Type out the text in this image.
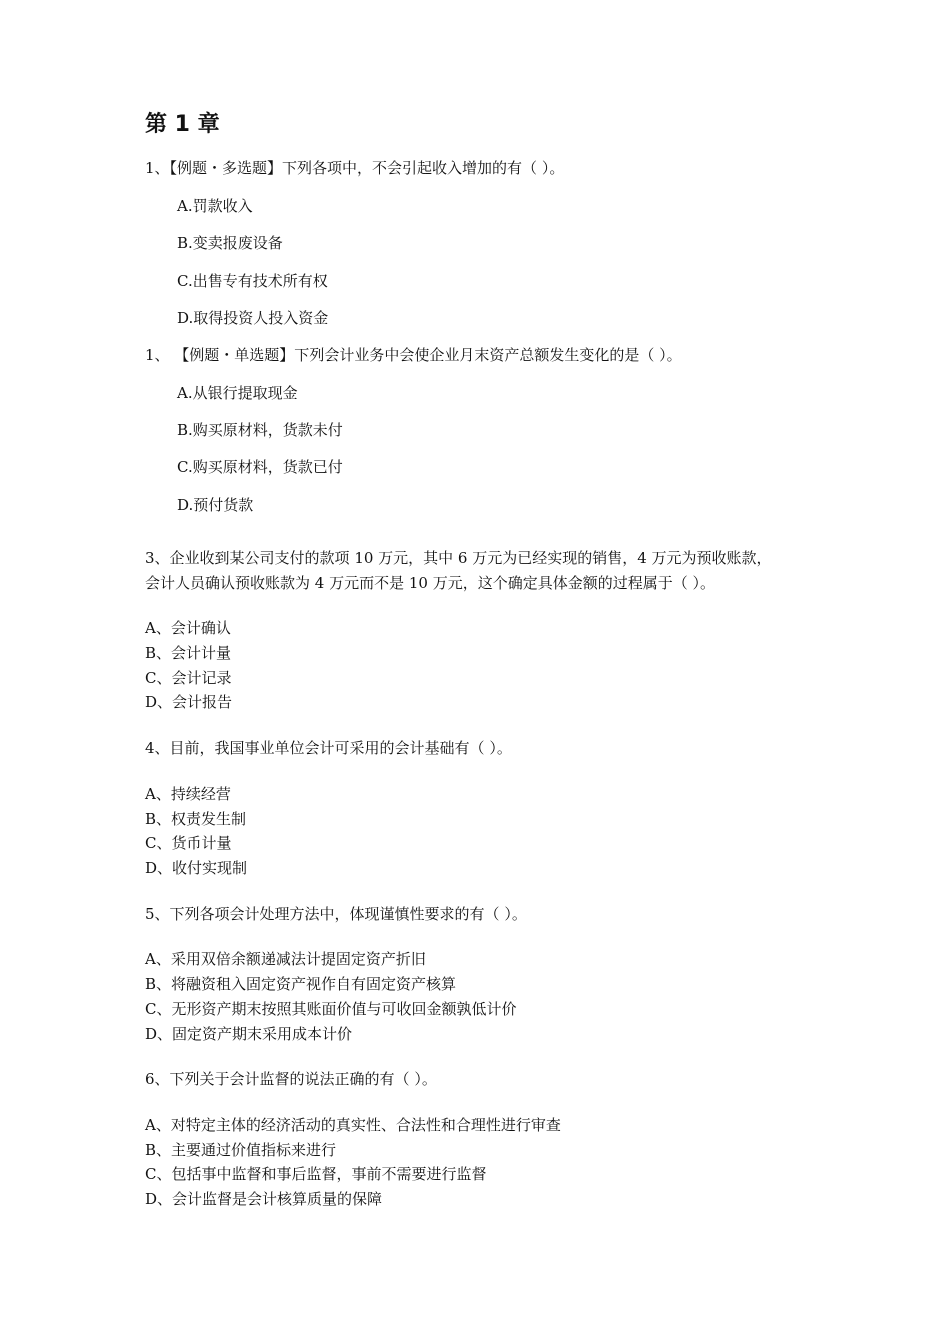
第 1 章
1、【例题・多选题】下列各项中，不会引起收入增加的有（ ）。
A.罚款收入
B.变卖报废设备
C.出售专有技术所有权
D.取得投资人投入资金
1、 【例题・单选题】下列会计业务中会使企业月末资产总额发生变化的是（ ）。
A.从银行提取现金
B.购买原材料，货款未付
C.购买原材料，货款已付
D.预付货款
3、企业收到某公司支付的款项 10 万元，其中 6 万元为已经实现的销售，4 万元为预收账款，
会计人员确认预收账款为 4 万元而不是 10 万元，这个确定具体金额的过程属于（ ）。
A、会计确认
B、会计计量
C、会计记录
D、会计报告
4、目前，我国事业单位会计可采用的会计基础有（ ）。
A、持续经营
B、权责发生制
C、货币计量
D、收付实现制
5、下列各项会计处理方法中，体现谨慎性要求的有（ ）。
A、采用双倍余额递减法计提固定资产折旧
B、将融资租入固定资产视作自有固定资产核算
C、无形资产期末按照其账面价值与可收回金额孰低计价
D、固定资产期末采用成本计价
6、下列关于会计监督的说法正确的有（ ）。
A、对特定主体的经济活动的真实性、合法性和合理性进行审查
B、主要通过价值指标来进行
C、包括事中监督和事后监督，事前不需要进行监督
D、会计监督是会计核算质量的保障
